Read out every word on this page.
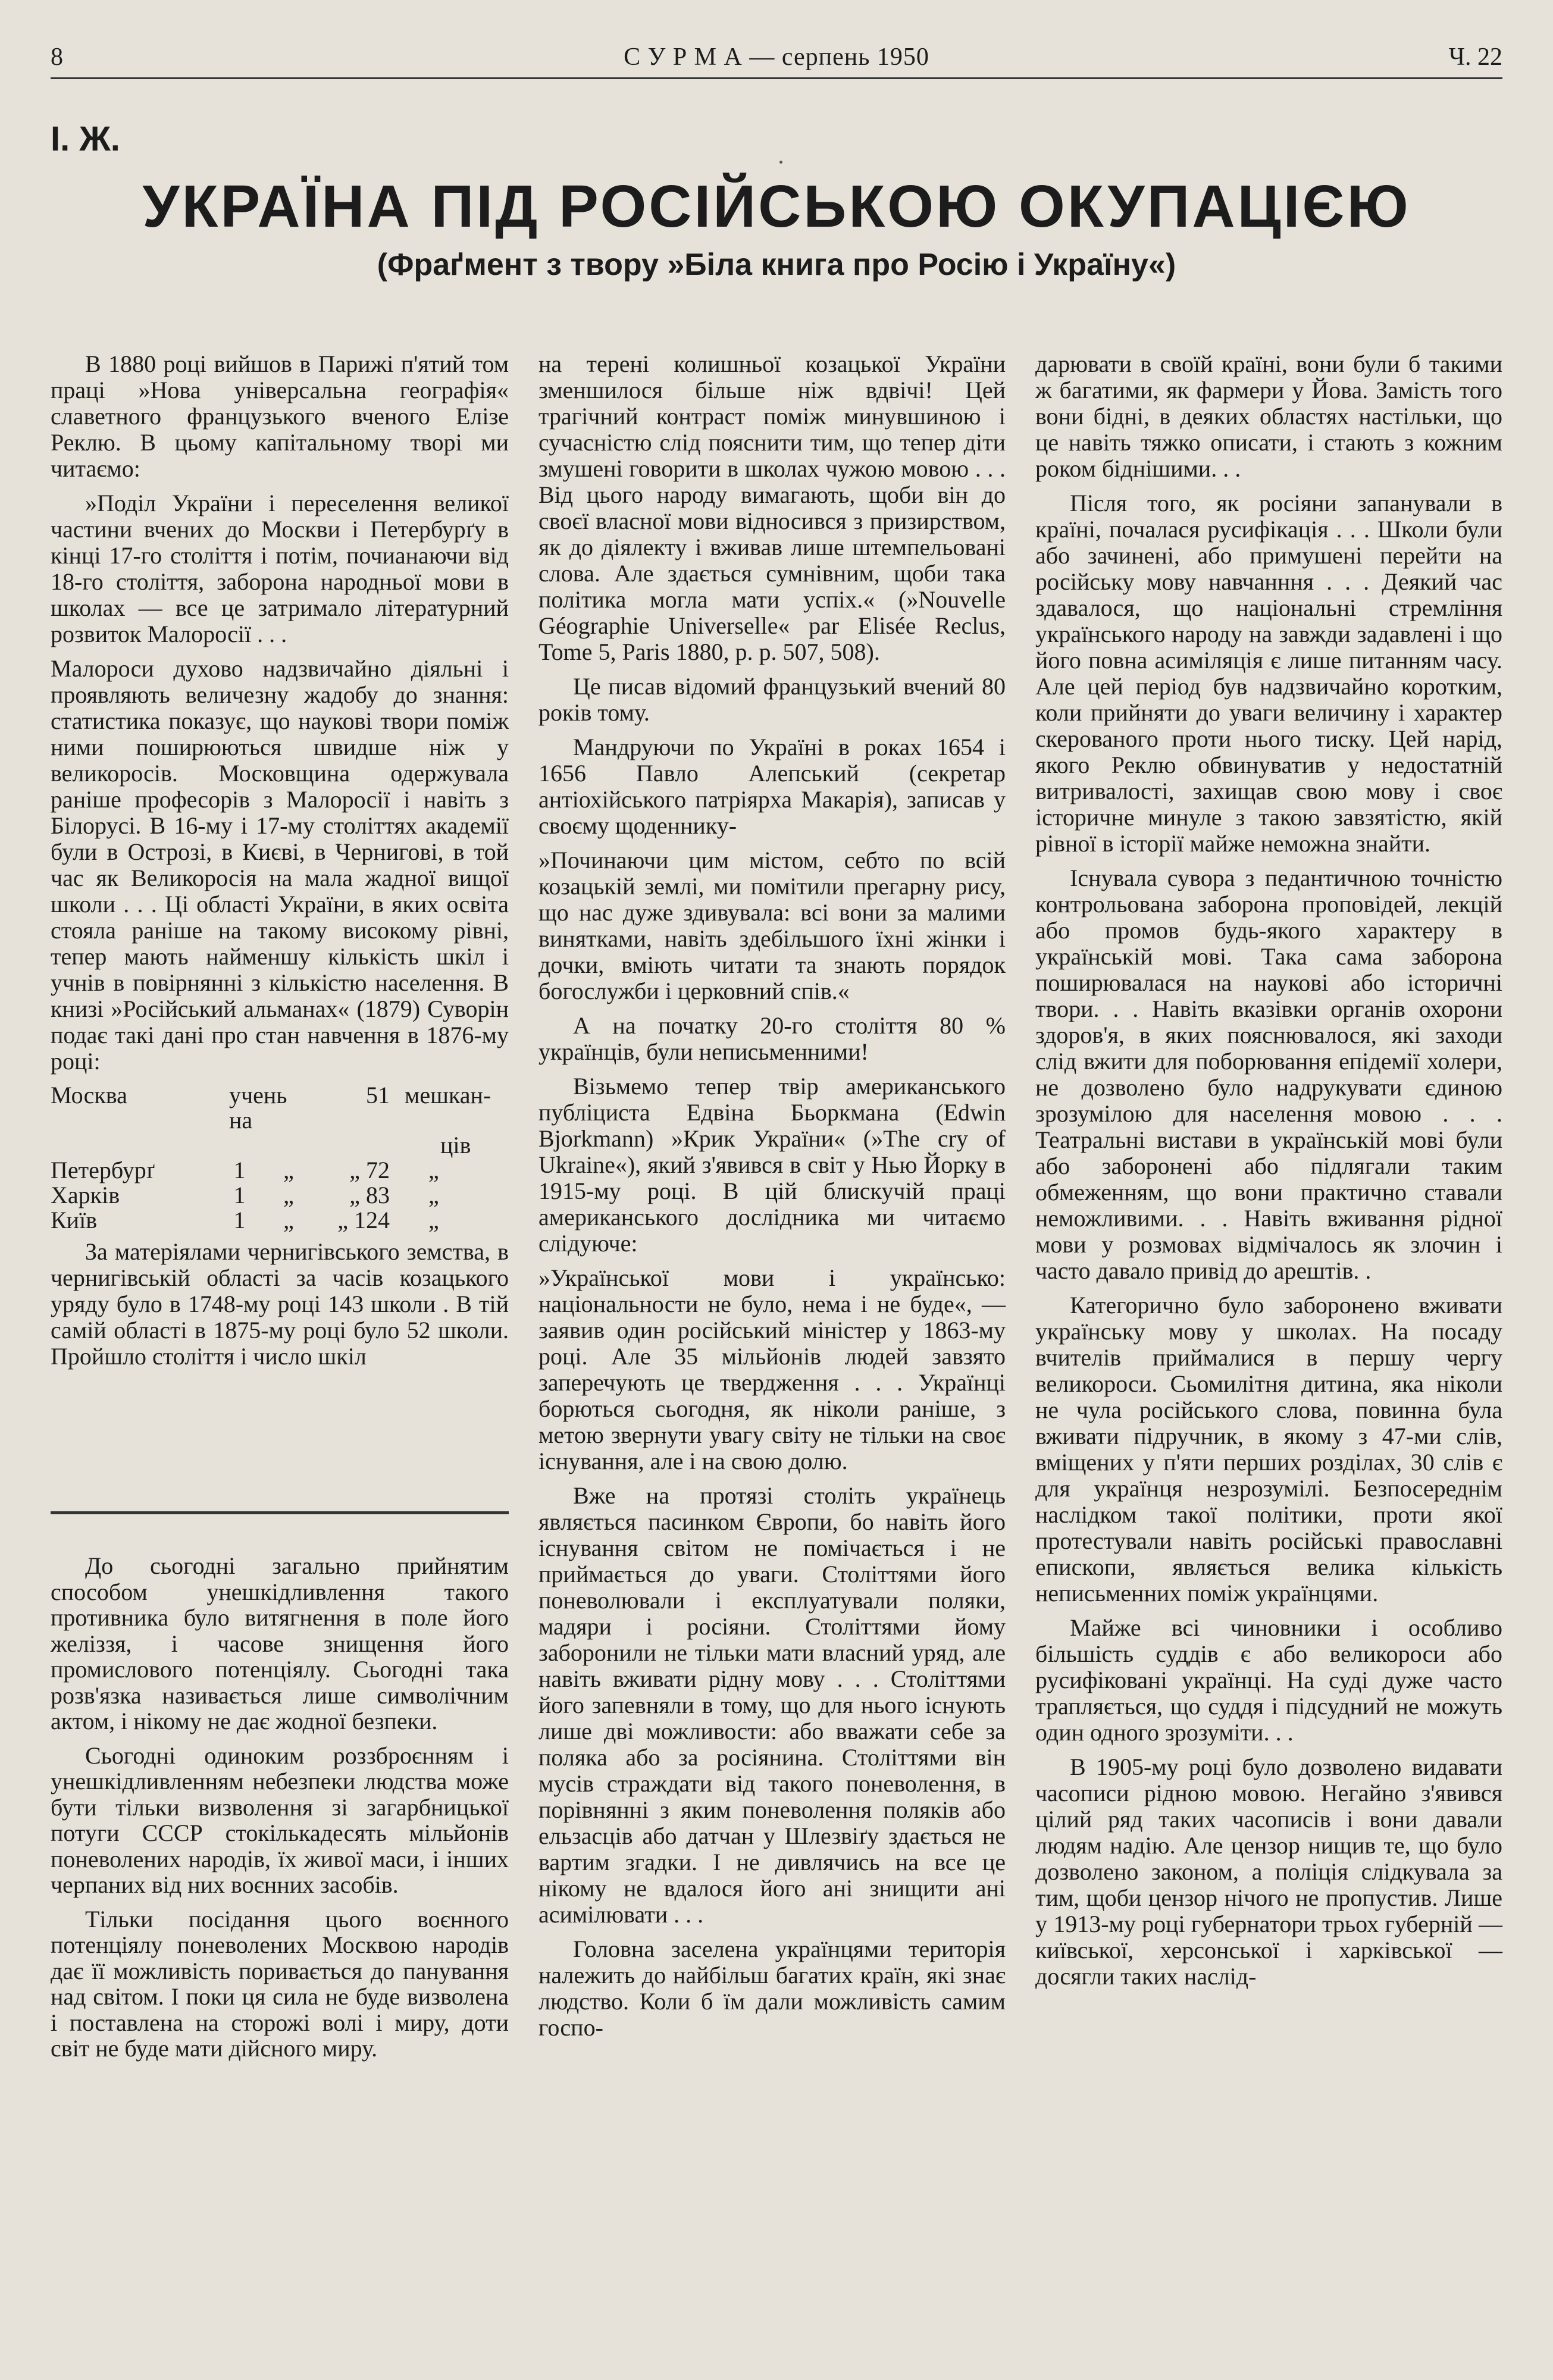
8	С У Р М А — серпень 1950	Ч. 22
І. Ж.
УКРАЇНА ПІД РОСІЙСЬКОЮ ОКУПАЦІЄЮ
(Фраґмент з твору »Біла книга про Росію і Україну«)

В 1880 році вийшов в Парижі п'ятий том праці »Нова універсальна географія« славетного французького вченого Елізе Реклю. В цьому капітальному творі ми читаємо:

»Поділ України і переселення великої частини вчених до Москви і Петербурґу в кінці 17-го століття і потім, почианаючи від 18-го століття, заборона народньої мови в школах — все це затримало літературний розвиток Малоросії . . .

Малороси духово надзвичайно діяльні і проявляють величезну жадобу до знання: статистика показує, що наукові твори поміж ними поширюються швидше ніж у великоросів. Московщина одержувала раніше професорів з Малоросії і навіть з Білорусі. В 16-му і 17-му століттях академії були в Острозі, в Києві, в Чернигові, в той час як Великоросія на мала жадної вищої школи . . . Ці області України, в яких освіта стояла раніше на такому високому рівні, тепер мають найменшу кількість шкіл і учнів в повірнянні з кількістю населення. В книзі »Російський альманах« (1879) Суворін подає такі дані про стан навчення в 1876-му році:

Москва	учень на		51	мешкан-
				ців
Петербурґ	1	„	„ 72	„
Харків	1	„	„ 83	„
Київ	1	„	„ 124	„

За матеріялами чернигівського земства, в чернигівській області за часів козацького уряду було в 1748-му році 143 школи . В тій самій області в 1875-му році було 52 школи. Пройшло століття і число шкіл

До сьогодні загально прийнятим способом унешкідливлення такого противника було витягнення в поле його желіззя, і часове знищення його промислового потенціялу. Сьогодні така розв'язка називається лише символічним актом, і нікому не дає жодної безпеки.

Сьогодні одиноким роззброєнням і унешкідливленням небезпеки людства може бути тільки визволення зі загарбницької потуги СССР стокількадесять мільйонів поневолених народів, їх живої маси, і інших черпаних від них воєнних засобів.

Тільки посідання цього воєнного потенціялу поневолених Москвою народів дає її можливість поривається до панування над світом. І поки ця сила не буде визволена і поставлена на сторожі волі і миру, доти світ не буде мати дійсного миру.

на терені колишньої козацької України зменшилося більше ніж вдвічі! Цей трагічний контраст поміж минувшиною і сучасністю слід пояснити тим, що тепер діти змушені говорити в школах чужою мовою . . . Від цього народу вимагають, щоби він до своєї власної мови відносився з призирством, як до діялекту і вживав лише штемпельовані слова. Але здається сумнівним, щоби така політика могла мати успіх.« (»Nouvelle Géographie Universelle« par Elisée Reclus, Tome 5, Paris 1880, p. p. 507, 508).

Це писав відомий французький вчений 80 років тому.

Мандруючи по Україні в роках 1654 і 1656 Павло Алепський (секретар антіохійського патріярха Макарія), записав у своєму щоденнику-

»Починаючи цим містом, себто по всій козацькій землі, ми помітили прегарну рису, що нас дуже здивувала: всі вони за малими винятками, навіть здебільшого їхні жінки і дочки, вміють читати та знають порядок богослужби і церковний спів.«

А на початку 20-го століття 80 % українців, були неписьменними!

Візьмемо тепер твір американського публіциста Едвіна Бьоркмана (Edwin Bjorkmann) »Крик України« (»The cry of Ukraine«), який з'явився в світ у Нью Йорку в 1915-му році. В цій блискучій праці американського дослідника ми читаємо слідуюче:

»Української мови і українсько: національности не було, нема і не буде«, — заявив один російський міністер у 1863-му році. Але 35 мільйонів людей завзято заперечують це твердження . . . Українці борються сьогодня, як ніколи раніше, з метою звернути увагу світу не тільки на своє існування, але і на свою долю.

Вже на протязі століть українець являється пасинком Європи, бо навіть його існування світом не помічається і не приймається до уваги. Століттями його поневолювали і експлуатували поляки, мадяри і росіяни. Століттями йому заборонили не тільки мати власний уряд, але навіть вживати рідну мову . . . Століттями його запевняли в тому, що для нього існують лише дві можливости: або вважати себе за поляка або за росіянина. Століттями він мусів страждати від такого поневолення, в порівнянні з яким поневолення поляків або ельзасців або датчан у Шлезвіґу здається не вартим згадки. І не дивлячись на все це нікому не вдалося його ані знищити ані асимілювати . . .

Головна заселена українцями територія належить до найбільш багатих країн, які знає людство. Коли б їм дали можливість самим госпо-

дарювати в своїй країні, вони були б такими ж багатими, як фармери у Йова. Замість того вони бідні, в деяких областях настільки, що це навіть тяжко описати, і стають з кожним роком біднішими. . .

Після того, як росіяни запанували в країні, почалася русифікація . . . Школи були або зачинені, або примушені перейти на російську мову навчанння . . . Деякий час здавалося, що національні стремління українського народу на завжди задавлені і що його повна асиміляція є лише питанням часу. Але цей період був надзвичайно коротким, коли прийняти до уваги величину і характер скерованого проти нього тиску. Цей нарід, якого Реклю обвинуватив у недостатній витривалості, захищав свою мову і своє історичне минуле з такою завзятістю, якій рівної в історії майже неможна знайти.

Існувала сувора з педантичною точністю контрольована заборона проповідей, лекцій або промов будь-якого характеру в українській мові. Така сама заборона поширювалася на наукові або історичні твори. . . Навіть вказівки органів охорони здоров'я, в яких пояснювалося, які заходи слід вжити для поборювання епідемії холери, не дозволено було надрукувати єдиною зрозумілою для населення мовою . . . Театральні вистави в українській мові були або заборонені або підлягали таким обмеженням, що вони практично ставали неможливими. . . Навіть вживання рідної мови у розмовах відмічалось як злочин і часто давало привід до арештів. .

Категорично було заборонено вживати українську мову у школах. На посаду вчителів приймалися в першу чергу великороси. Сьомилітня дитина, яка ніколи не чула російського слова, повинна була вживати підручник, в якому з 47-ми слів, вміщених у п'яти перших розділах, 30 слів є для українця незрозумілі. Безпосереднім наслідком такої політики, проти якої протестували навіть російські православні епископи, являється велика кількість неписьменних поміж українцями.

Майже всі чиновники і особливо більшість суддів є або великороси або русифіковані українці. На суді дуже часто трапляється, що суддя і підсудний не можуть один одного зрозуміти. . .

В 1905-му році було дозволено видавати часописи рідною мовою. Негайно з'явився цілий ряд таких часописів і вони давали людям надію. Але цензор нищив те, що було дозволено законом, а поліція слідкувала за тим, щоби цензор нічого не пропустив. Лише у 1913-му році губернатори трьох губерній — київської, херсонської і харківської — досягли таких наслід-
